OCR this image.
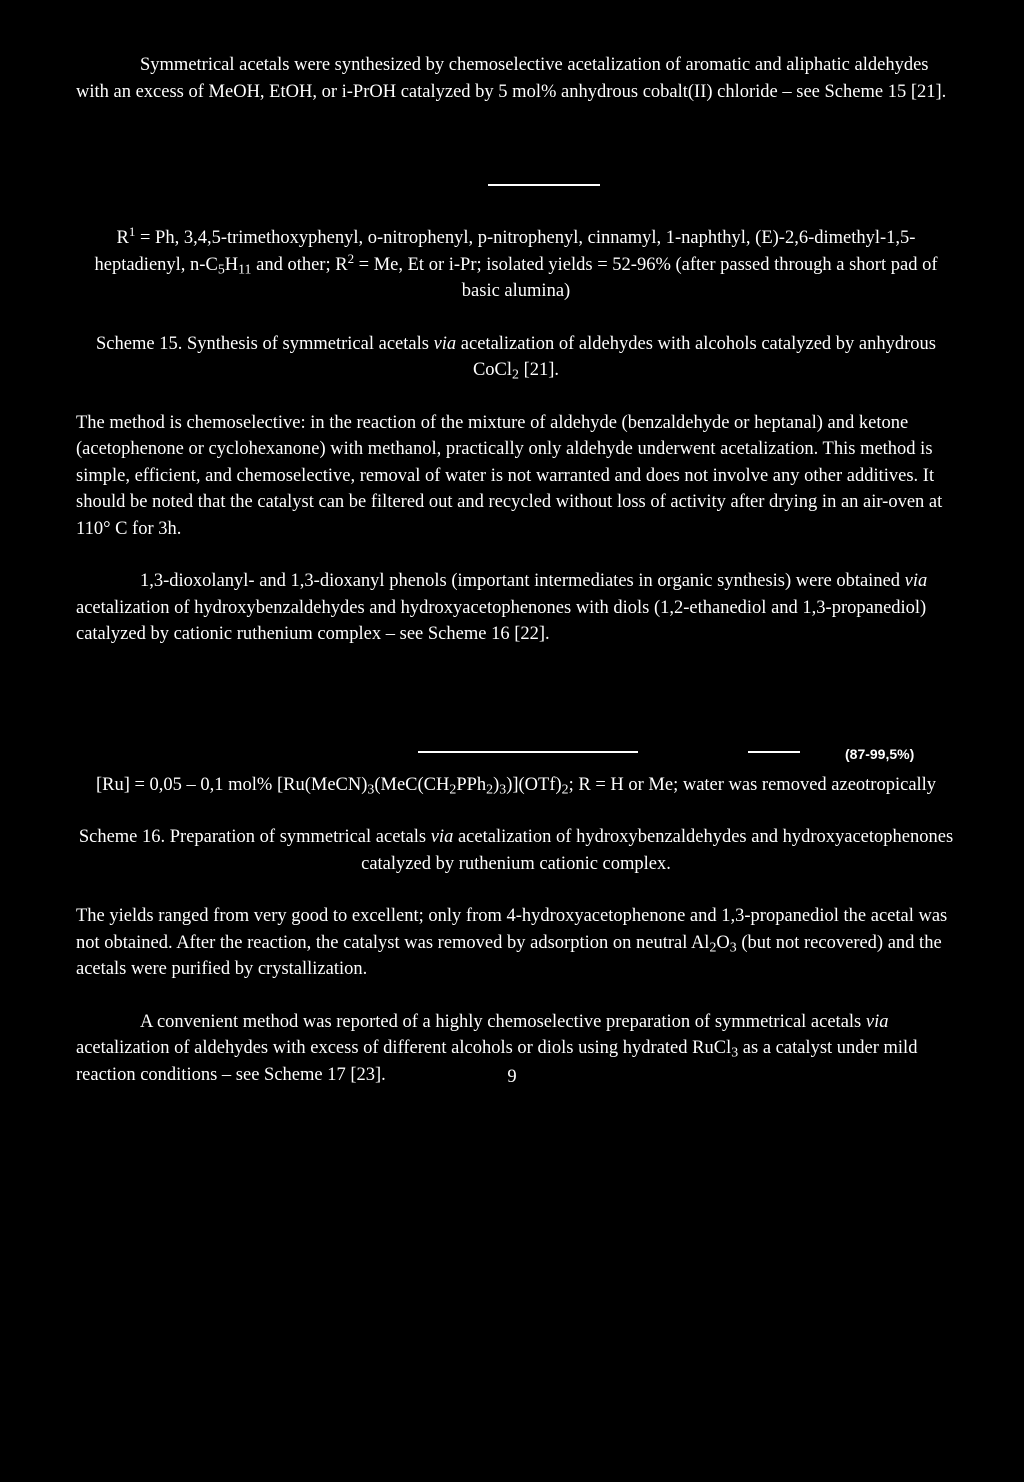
Symmetrical acetals were synthesized by chemoselective acetalization of aromatic and aliphatic aldehydes with an excess of MeOH, EtOH, or i-PrOH catalyzed by 5 mol% anhydrous cobalt(II) chloride – see Scheme 15 [21].

$R^1 = Ph$, 3,4,5-trimethoxyphenyl, o-nitrophenyl, p-nitrophenyl, cinnamyl, 1-naphthyl, (E)-2,6-dimethyl-1,5-heptadienyl, $n-C_5H_{11}$ and other; $R^2 = Me$, Et or i-Pr; isolated yields = 52-96% (after passed through a short pad of basic alumina)

Scheme 15. Synthesis of symmetrical acetals via acetalization of aldehydes with alcohols catalyzed by anhydrous CoCl$_2$ [21].

The method is chemoselective: in the reaction of the mixture of aldehyde (benzaldehyde or heptanal) and ketone (acetophenone or cyclohexanone) with methanol, practically only aldehyde underwent acetalization. This method is simple, efficient, and chemoselective, removal of water is not warranted and does not involve any other additives. It should be noted that the catalyst can be filtered out and recycled without loss of activity after drying in an air-oven at 110° C for 3h.

1,3-dioxolanyl- and 1,3-dioxanyl phenols (important intermediates in organic synthesis) were obtained via acetalization of hydroxybenzaldehydes and hydroxyacetophenones with diols (1,2-ethanediol and 1,3-propanediol) catalyzed by cationic ruthenium complex – see Scheme 16 [22].

[Ru] = 0,05 – 0,1 mol% $[Ru(MeCN)_3(MeC(CH_2PPh_2)_3)](OTf)_2$; R = H or Me; water was removed azeotropically

Scheme 16. Preparation of symmetrical acetals via acetalization of hydroxybenzaldehydes and hydroxyacetophenones catalyzed by ruthenium cationic complex.

The yields ranged from very good to excellent; only from 4-hydroxyacetophenone and 1,3-propanediol the acetal was not obtained. After the reaction, the catalyst was removed by adsorption on neutral $Al_2O_3$ (but not recovered) and the acetals were purified by crystallization.

A convenient method was reported of a highly chemoselective preparation of symmetrical acetals via acetalization of aldehydes with excess of different alcohols or diols using hydrated RuCl$_3$ as a catalyst under mild reaction conditions – see Scheme 17 [23].

(87-99,5%)
9
